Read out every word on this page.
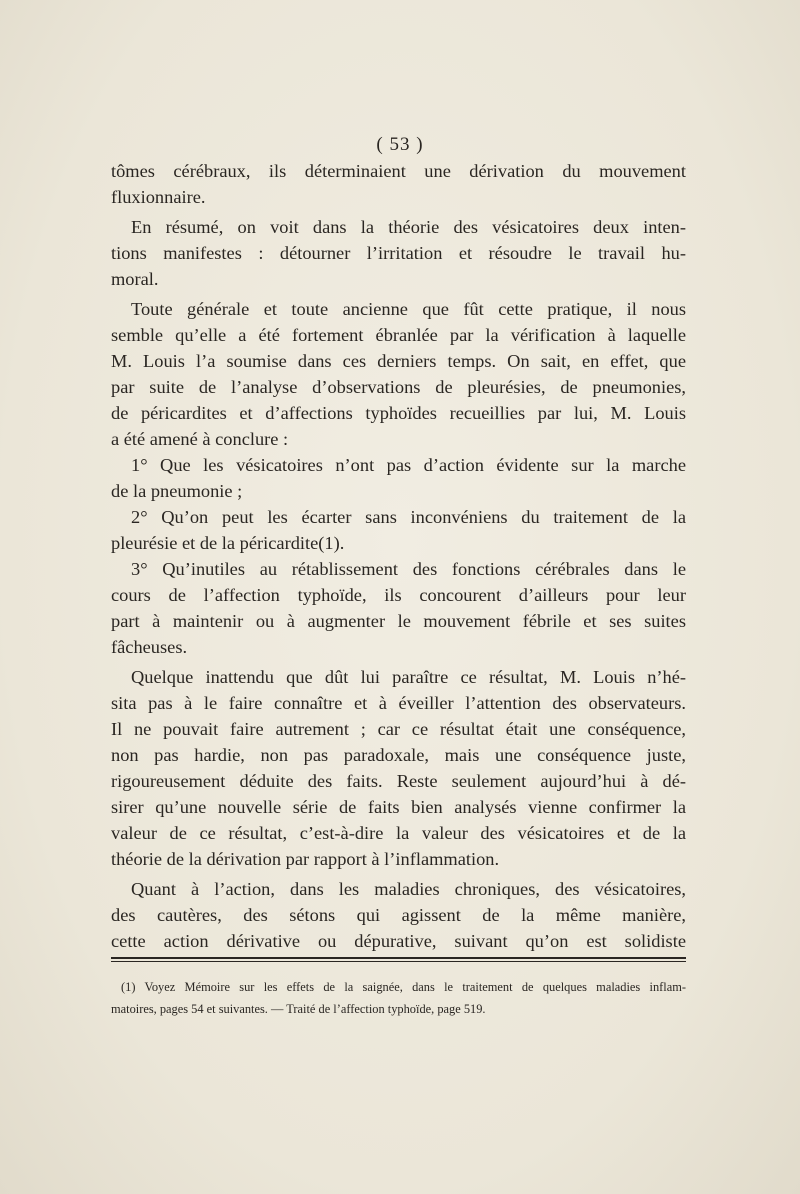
( 53 )
tômes cérébraux, ils déterminaient une dérivation du mouvement
fluxionnaire.
En résumé, on voit dans la théorie des vésicatoires deux inten-
tions manifestes : détourner l’irritation et résoudre le travail hu-
moral.
Toute générale et toute ancienne que fût cette pratique, il nous
semble qu’elle a été fortement ébranlée par la vérification à laquelle
M. Louis l’a soumise dans ces derniers temps. On sait, en effet, que
par suite de l’analyse d’observations de pleurésies, de pneumonies,
de péricardites et d’affections typhoïdes recueillies par lui, M. Louis
a été amené à conclure :
1° Que les vésicatoires n’ont pas d’action évidente sur la marche
de la pneumonie ;
2° Qu’on peut les écarter sans inconvéniens du traitement de la
pleurésie et de la péricardite(1).
3° Qu’inutiles au rétablissement des fonctions cérébrales dans le
cours de l’affection typhoïde, ils concourent d’ailleurs pour leur
part à maintenir ou à augmenter le mouvement fébrile et ses suites
fâcheuses.
Quelque inattendu que dût lui paraître ce résultat, M. Louis n’hé-
sita pas à le faire connaître et à éveiller l’attention des observateurs.
Il ne pouvait faire autrement ; car ce résultat était une conséquence,
non pas hardie, non pas paradoxale, mais une conséquence juste,
rigoureusement déduite des faits. Reste seulement aujourd’hui à dé-
sirer qu’une nouvelle série de faits bien analysés vienne confirmer la
valeur de ce résultat, c’est-à-dire la valeur des vésicatoires et de la
théorie de la dérivation par rapport à l’inflammation.
Quant à l’action, dans les maladies chroniques, des vésicatoires,
des cautères, des sétons qui agissent de la même manière,
cette action dérivative ou dépurative, suivant qu’on est solidiste
(1) Voyez Mémoire sur les effets de la saignée, dans le traitement de quelques maladies inflam-
matoires, pages 54 et suivantes. — Traité de l’affection typhoïde, page 519.
